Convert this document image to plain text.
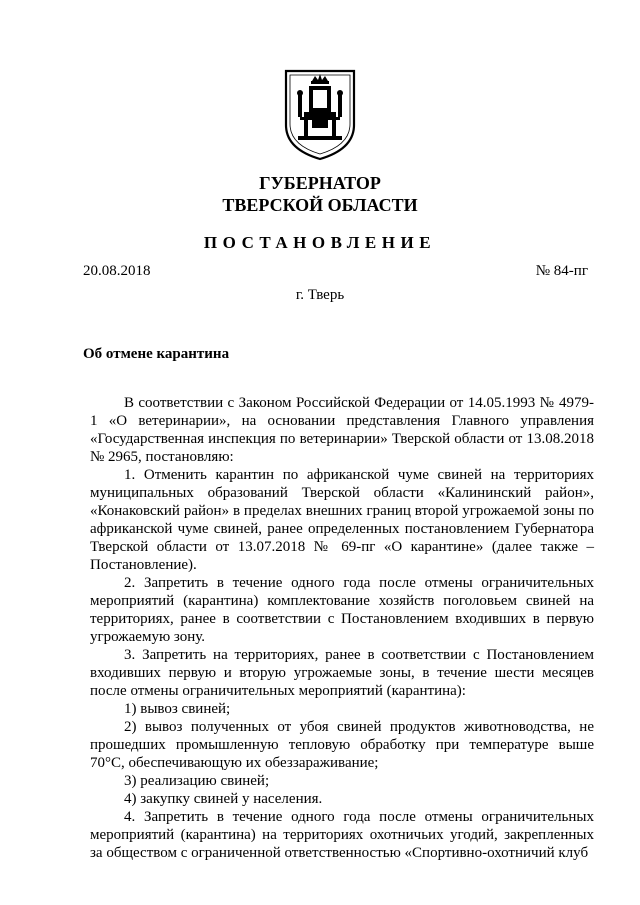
ГУБЕРНАТОР
ТВЕРСКОЙ ОБЛАСТИ
ПОСТАНОВЛЕНИЕ
20.08.2018	№ 84-пг
г. Тверь
Об отмене карантина

В соответствии с Законом Российской Федерации от 14.05.1993 № 4979-1 «О ветеринарии», на основании представления Главного управления «Государственная инспекция по ветеринарии» Тверской области от 13.08.2018 № 2965, постановляю:

1. Отменить карантин по африканской чуме свиней на территориях муниципальных образований Тверской области «Калининский район», «Конаковский район» в пределах внешних границ второй угрожаемой зоны по африканской чуме свиней, ранее определенных постановлением Губернатора Тверской области от 13.07.2018 № 69-пг «О карантине» (далее также – Постановление).

2. Запретить в течение одного года после отмены ограничительных мероприятий (карантина) комплектование хозяйств поголовьем свиней на территориях, ранее в соответствии с Постановлением входивших в первую угрожаемую зону.

3. Запретить на территориях, ранее в соответствии с Постановлением входивших первую и вторую угрожаемые зоны, в течение шести месяцев после отмены ограничительных мероприятий (карантина):

1) вывоз свиней;

2) вывоз полученных от убоя свиней продуктов животноводства, не прошедших промышленную тепловую обработку при температуре выше 70°С, обеспечивающую их обеззараживание;

3) реализацию свиней;

4) закупку свиней у населения.

4. Запретить в течение одного года после отмены ограничительных мероприятий (карантина) на территориях охотничьих угодий, закрепленных за обществом с ограниченной ответственностью «Спортивно-охотничий клуб
